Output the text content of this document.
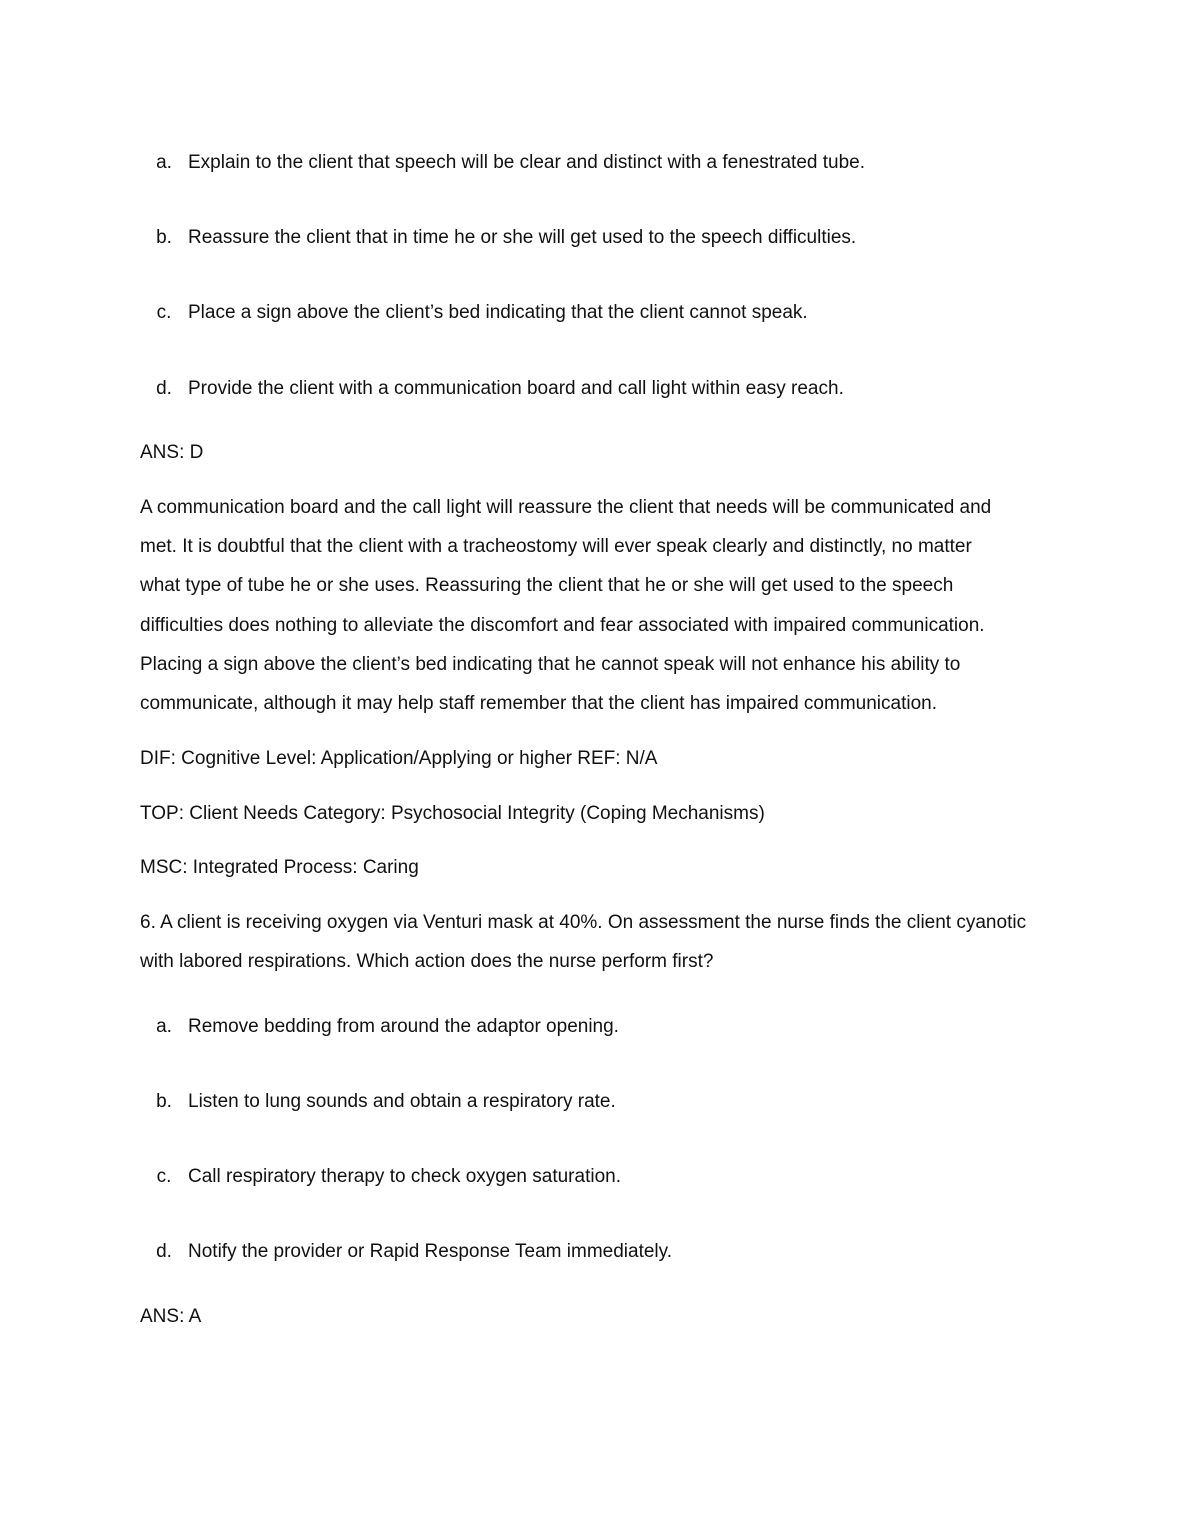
a. Explain to the client that speech will be clear and distinct with a fenestrated tube.
b. Reassure the client that in time he or she will get used to the speech difficulties.
c. Place a sign above the client’s bed indicating that the client cannot speak.
d. Provide the client with a communication board and call light within easy reach.
ANS: D
A communication board and the call light will reassure the client that needs will be communicated and
met. It is doubtful that the client with a tracheostomy will ever speak clearly and distinctly, no matter
what type of tube he or she uses. Reassuring the client that he or she will get used to the speech
difficulties does nothing to alleviate the discomfort and fear associated with impaired communication.
Placing a sign above the client’s bed indicating that he cannot speak will not enhance his ability to
communicate, although it may help staff remember that the client has impaired communication.
DIF: Cognitive Level: Application/Applying or higher REF: N/A
TOP: Client Needs Category: Psychosocial Integrity (Coping Mechanisms)
MSC: Integrated Process: Caring
6. A client is receiving oxygen via Venturi mask at 40%. On assessment the nurse finds the client cyanotic
with labored respirations. Which action does the nurse perform first?
a. Remove bedding from around the adaptor opening.
b. Listen to lung sounds and obtain a respiratory rate.
c. Call respiratory therapy to check oxygen saturation.
d. Notify the provider or Rapid Response Team immediately.
ANS: A
